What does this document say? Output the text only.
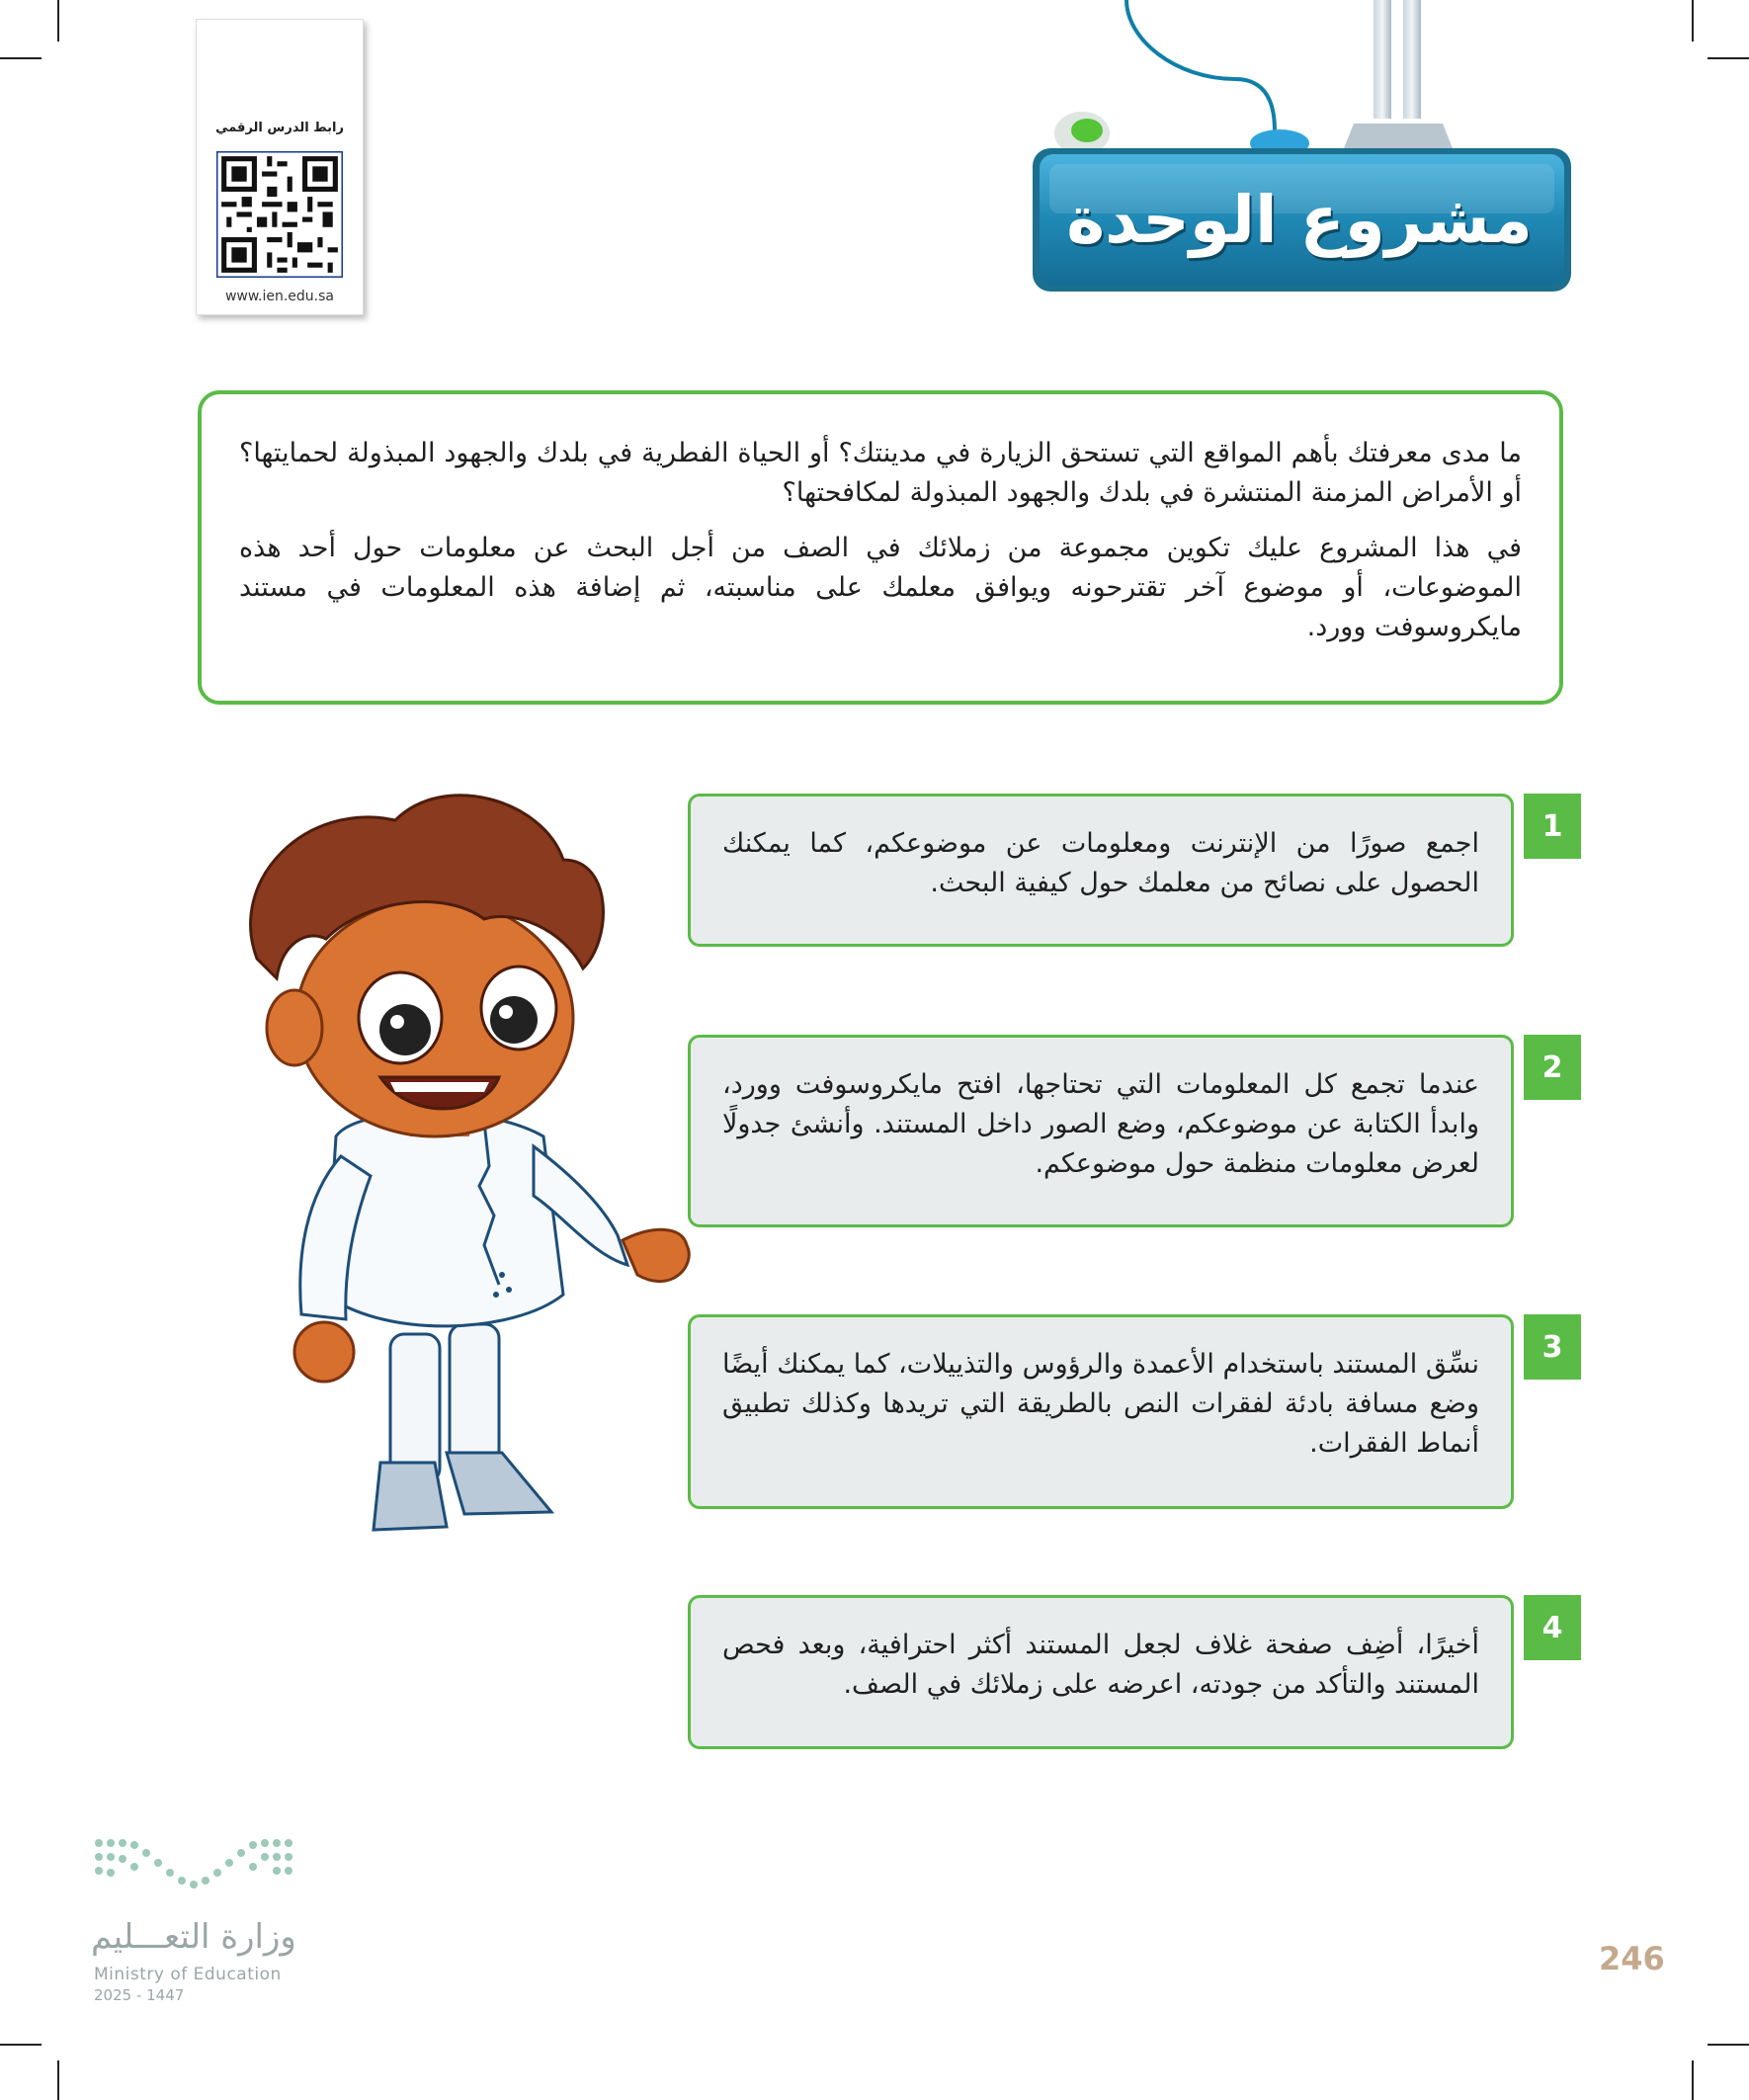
رابط الدرس الرقمي
www.ien.edu.sa
مشروع الوحدة

ما مدى معرفتك بأهم المواقع التي تستحق الزيارة في مدينتك؟ أو الحياة الفطرية في بلدك والجهود المبذولة لحمايتها؟ أو الأمراض المزمنة المنتشرة في بلدك والجهود المبذولة لمكافحتها؟

في هذا المشروع عليك تكوين مجموعة من زملائك في الصف من أجل البحث عن معلومات حول أحد هذه الموضوعات، أو موضوع آخر تقترحونه ويوافق معلمك على مناسبته، ثم إضافة هذه المعلومات في مستند مايكروسوفت وورد.

اجمع صورًا من الإنترنت ومعلومات عن موضوعكم، كما يمكنك الحصول على نصائح من معلمك حول كيفية البحث.
1
عندما تجمع كل المعلومات التي تحتاجها، افتح مايكروسوفت وورد، وابدأ الكتابة عن موضوعكم، وضع الصور داخل المستند. وأنشئ جدولًا لعرض معلومات منظمة حول موضوعكم.
2
نسِّق المستند باستخدام الأعمدة والرؤوس والتذييلات، كما يمكنك أيضًا وضع مسافة بادئة لفقرات النص بالطريقة التي تريدها وكذلك تطبيق أنماط الفقرات.
3
أخيرًا، أضِف صفحة غلاف لجعل المستند أكثر احترافية، وبعد فحص المستند والتأكد من جودته، اعرضه على زملائك في الصف.
4
وزارة التعـــليم
Ministry of Education
2025 - 1447
246
